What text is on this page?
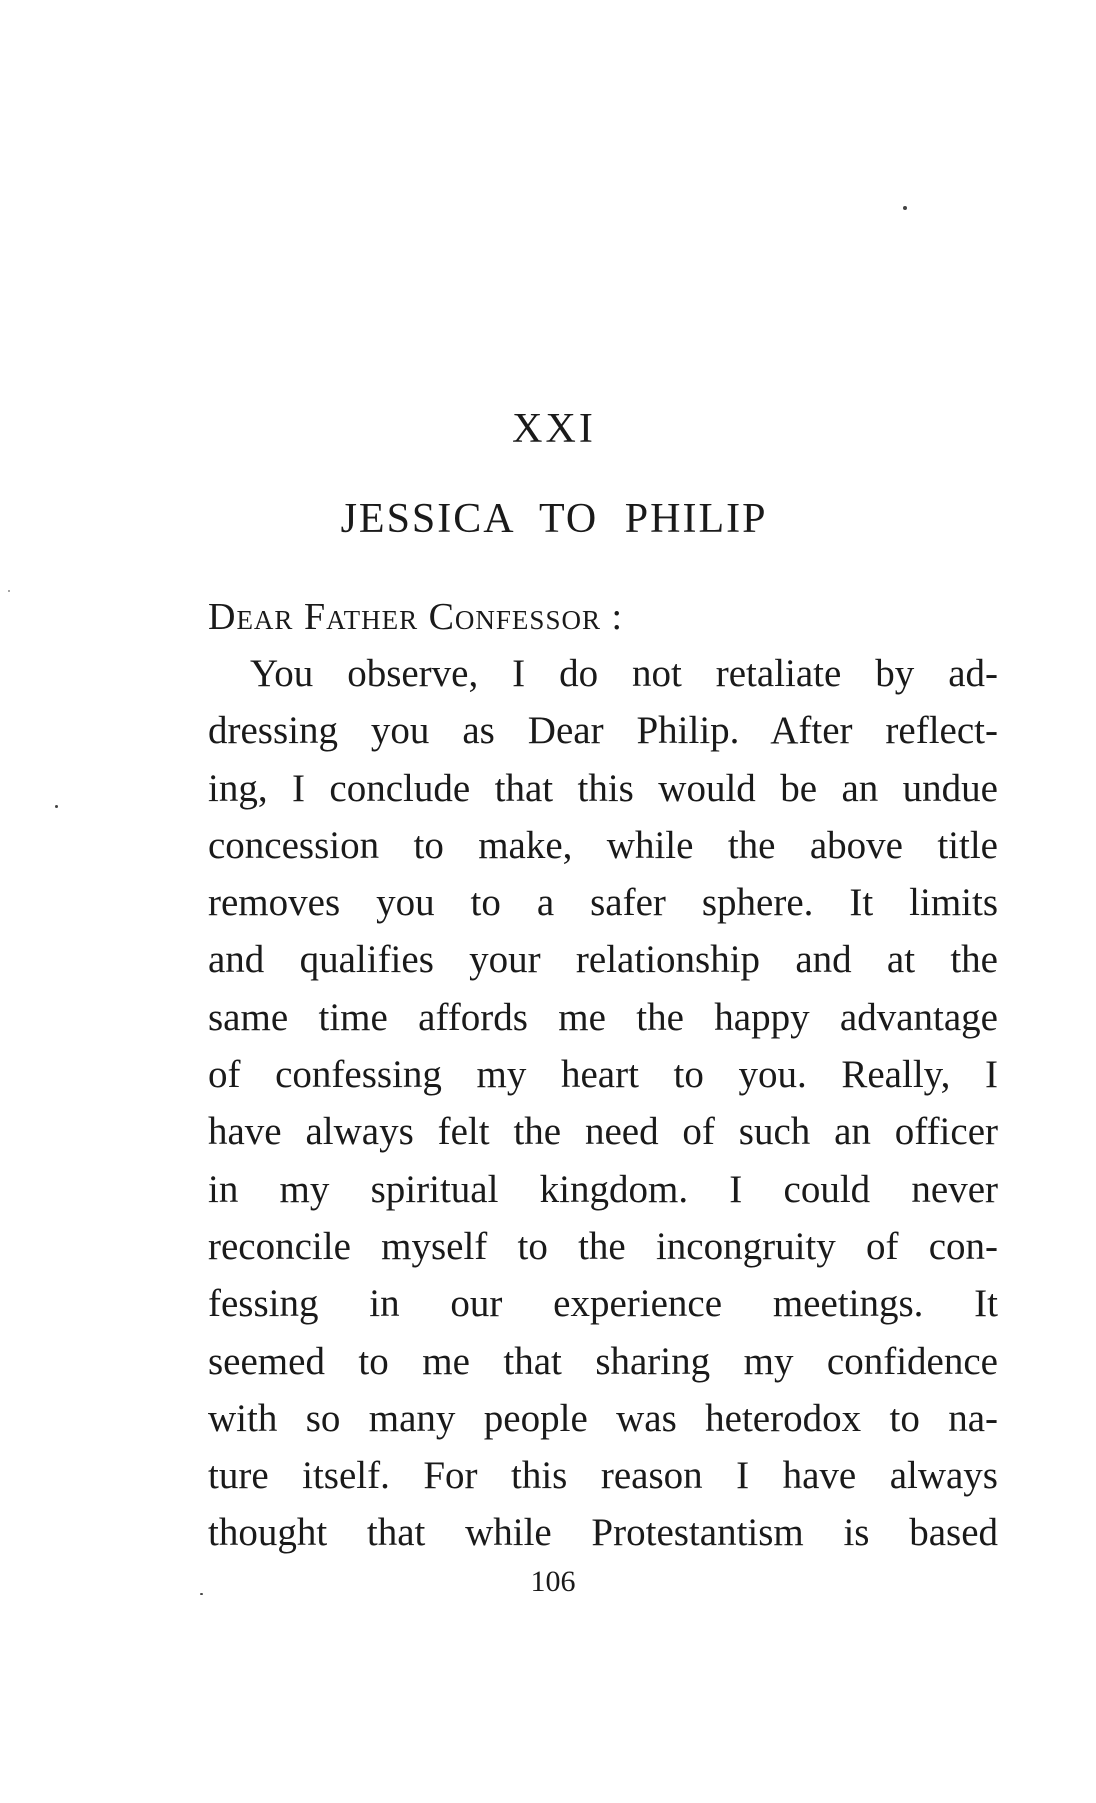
XXI
JESSICA TO PHILIP
Dear Father Confessor :
You observe, I do not retaliate by ad-
dressing you as Dear Philip. After reflect-
ing, I conclude that this would be an undue
concession to make, while the above title
removes you to a safer sphere. It limits
and qualifies your relationship and at the
same time affords me the happy advantage
of confessing my heart to you. Really, I
have always felt the need of such an officer
in my spiritual kingdom. I could never
reconcile myself to the incongruity of con-
fessing in our experience meetings. It
seemed to me that sharing my confidence
with so many people was heterodox to na-
ture itself. For this reason I have always
thought that while Protestantism is based
106
